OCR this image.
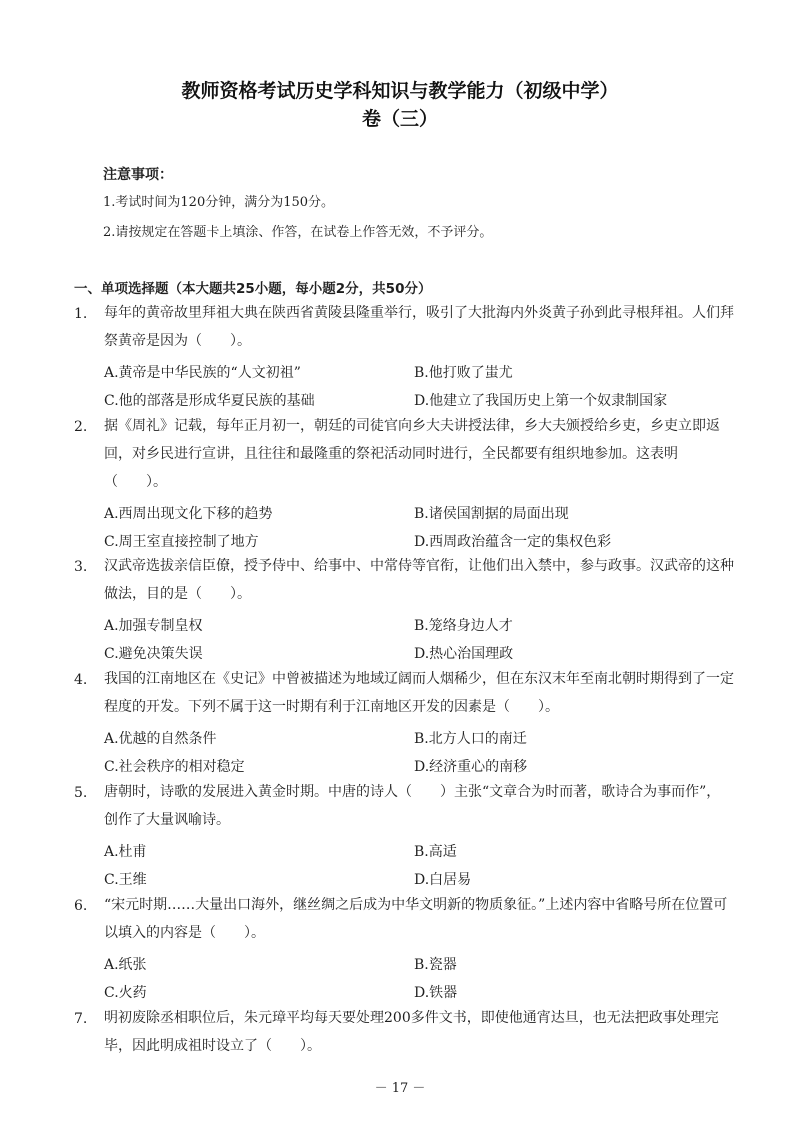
教师资格考试历史学科知识与教学能力（初级中学）
卷（三）
注意事项：
1.考试时间为120分钟，满分为150分。
2.请按规定在答题卡上填涂、作答，在试卷上作答无效，不予评分。
一、单项选择题（本大题共25小题，每小题2分，共50分）
1. 每年的黄帝故里拜祖大典在陕西省黄陵县隆重举行，吸引了大批海内外炎黄子孙到此寻根拜祖。人们拜祭黄帝是因为（　　）。
A.黄帝是中华民族的“人文初祖”	B.他打败了蚩尤
C.他的部落是形成华夏民族的基础	D.他建立了我国历史上第一个奴隶制国家
2. 据《周礼》记载，每年正月初一，朝廷的司徒官向乡大夫讲授法律，乡大夫颁授给乡吏，乡吏立即返回，对乡民进行宣讲，且往往和最隆重的祭祀活动同时进行，全民都要有组织地参加。这表明（　　）。
A.西周出现文化下移的趋势	B.诸侯国割据的局面出现
C.周王室直接控制了地方	D.西周政治蕴含一定的集权色彩
3. 汉武帝选拔亲信臣僚，授予侍中、给事中、中常侍等官衔，让他们出入禁中，参与政事。汉武帝的这种做法，目的是（　　）。
A.加强专制皇权	B.笼络身边人才
C.避免决策失误	D.热心治国理政
4. 我国的江南地区在《史记》中曾被描述为地域辽阔而人烟稀少，但在东汉末年至南北朝时期得到了一定程度的开发。下列不属于这一时期有利于江南地区开发的因素是（　　）。
A.优越的自然条件	B.北方人口的南迁
C.社会秩序的相对稳定	D.经济重心的南移
5. 唐朝时，诗歌的发展进入黄金时期。中唐的诗人（　　）主张“文章合为时而著，歌诗合为事而作”，创作了大量讽喻诗。
A.杜甫	B.高适
C.王维	D.白居易
6. “宋元时期……大量出口海外，继丝绸之后成为中华文明新的物质象征。”上述内容中省略号所在位置可以填入的内容是（　　）。
A.纸张	B.瓷器
C.火药	D.铁器
7. 明初废除丞相职位后，朱元璋平均每天要处理200多件文书，即使他通宵达旦，也无法把政事处理完毕，因此明成祖时设立了（　　）。
－ 17 －
